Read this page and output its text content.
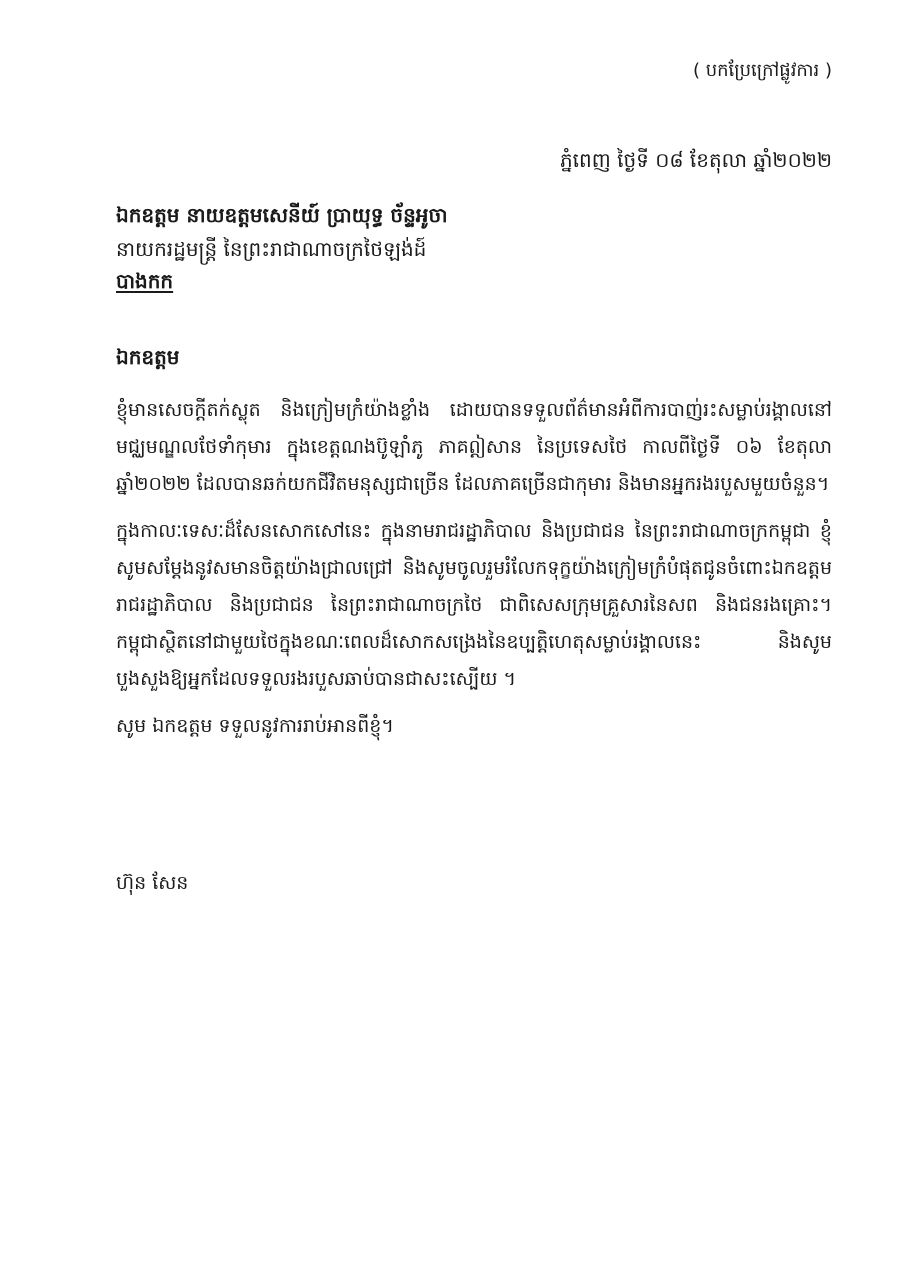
( បកប្រែក្រៅផ្លូវការ )
ភ្នំពេញ ថ្ងៃទី ០៨ ខែតុលា ឆ្នាំ២០២២
ឯកឧត្តម នាយឧត្តមសេនីយ៍ ប្រាយុទ្ធ ច័ន្ទអូចា
នាយករដ្ឋមន្ត្រី នៃព្រះរាជាណាចក្រថៃឡង់ដ៍
បាងកក
ឯកឧត្តម

ខ្ញុំមានសេចក្តីតក់ស្លុត និងក្រៀមក្រំយ៉ាងខ្លាំង ដោយបានទទួលព័ត៌មានអំពីការបាញ់រះសម្លាប់រង្គាលនៅមជ្ឈមណ្ឌលថែទាំកុមារ ក្នុងខេត្តណងប៊ូឡាំភូ ភាគឦសាន នៃប្រទេសថៃ កាលពីថ្ងៃទី ០៦ ខែតុលា ឆ្នាំ២០២២ ដែលបានឆក់យកជីវិតមនុស្សជាច្រើន ដែលភាគច្រើនជាកុមារ និងមានអ្នករងរបួសមួយចំនួន។

ក្នុងកាលៈទេសៈដ៏សែនសោកសៅនេះ ក្នុងនាមរាជរដ្ឋាភិបាល និងប្រជាជន នៃព្រះរាជាណាចក្រកម្ពុជា ខ្ញុំសូមសម្តែងនូវសមានចិត្តយ៉ាងជ្រាលជ្រៅ និងសូមចូលរួមរំលែកទុក្ខយ៉ាងក្រៀមក្រំបំផុតជូនចំពោះឯកឧត្តម រាជរដ្ឋាភិបាល និងប្រជាជន នៃព្រះរាជាណាចក្រថៃ ជាពិសេសក្រុមគ្រួសារនៃសព និងជនរងគ្រោះ។ កម្ពុជាស្ថិតនៅជាមួយថៃក្នុងខណៈពេលដ៏សោកសង្រេងនៃឧប្បត្តិហេតុសម្លាប់រង្គាលនេះ និងសូមបួងសួងឱ្យអ្នកដែលទទួលរងរបួសឆាប់បានជាសះស្បើយ ។

សូម ឯកឧត្តម ទទួលនូវការរាប់អានពីខ្ញុំ។

ហ៊ុន សែន
